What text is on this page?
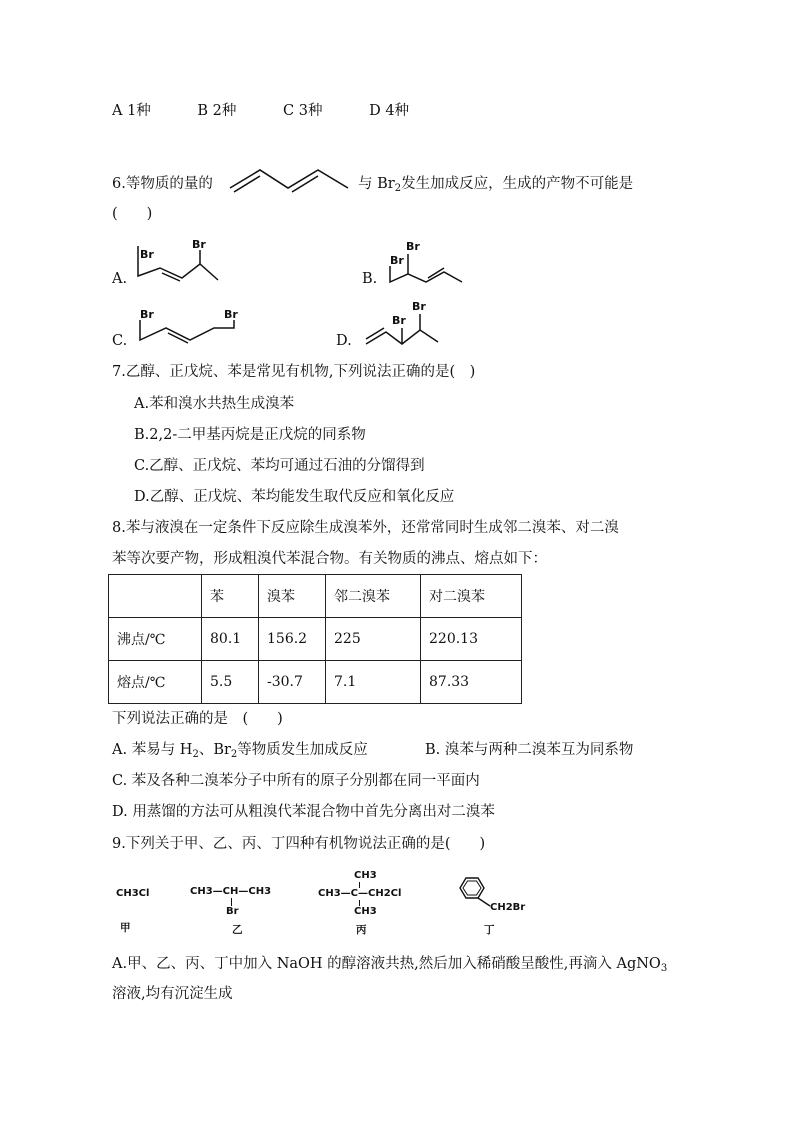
A 1种	B 2种	C 3种	D 4种
6.等物质的量的	与 $Br_2$发生加成反应，生成的产物不可能是
(　　)
A.
Br
Br
B.
Br
Br
C.
Br	Br
D.
Br
Br
7.乙醇、正戊烷、苯是常见有机物,下列说法正确的是(　)
A.苯和溴水共热生成溴苯
B.2,2-二甲基丙烷是正戊烷的同系物
C.乙醇、正戊烷、苯均可通过石油的分馏得到
D.乙醇、正戊烷、苯均能发生取代反应和氧化反应
8.苯与液溴在一定条件下反应除生成溴苯外，还常常同时生成邻二溴苯、对二溴
苯等次要产物，形成粗溴代苯混合物。有关物质的沸点、熔点如下：
	苯	溴苯	邻二溴苯	对二溴苯
沸点/℃	80.1	156.2	225	220.13
熔点/℃	5.5	-30.7	7.1	87.33
下列说法正确的是　(　　)
A. 苯易与 $H_2$、$Br_2$等物质发生加成反应	B. 溴苯与两种二溴苯互为同系物
C. 苯及各种二溴苯分子中所有的原子分别都在同一平面内
D. 用蒸馏的方法可从粗溴代苯混合物中首先分离出对二溴苯
9.下列关于甲、乙、丙、丁四种有机物说法正确的是(　　)
CH3Cl
甲
CH3—CH—CH3
Br
乙
CH3
CH3—C—CH2Cl
CH3
丙
CH2Br
丁
A.甲、乙、丙、丁中加入 NaOH 的醇溶液共热,然后加入稀硝酸呈酸性,再滴入 AgNO$_3$
溶液,均有沉淀生成
